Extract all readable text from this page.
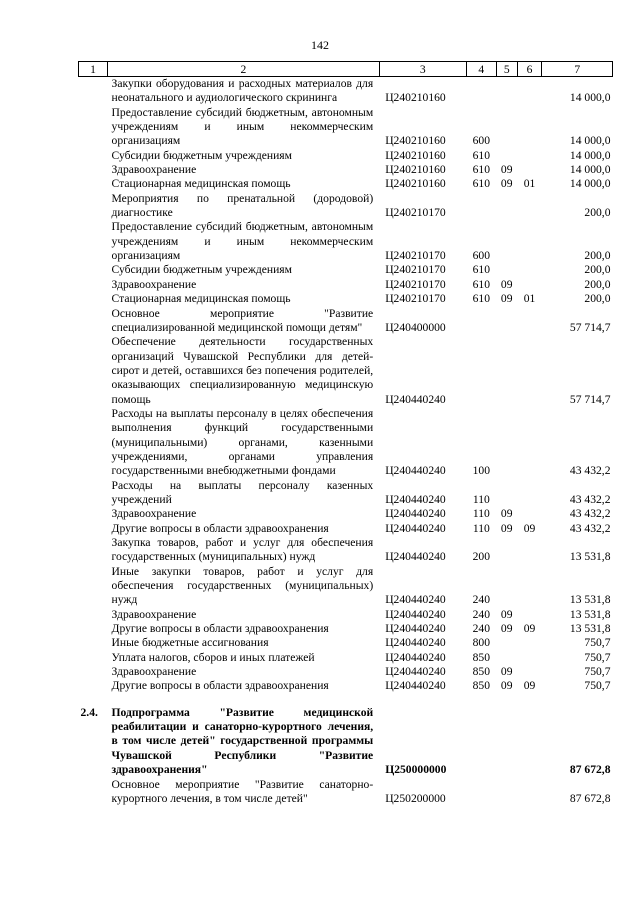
142
1	2	3	4	5	6	7
	Закупки оборудования и расходных материалов для неонатального и аудиологического скрининга	Ц240210160				14 000,0
	Предоставление субсидий бюджетным, автономным учреждениям и иным некоммерческим организациям	Ц240210160	600			14 000,0
	Субсидии бюджетным учреждениям	Ц240210160	610			14 000,0
	Здравоохранение	Ц240210160	610	09		14 000,0
	Стационарная медицинская помощь	Ц240210160	610	09	01	14 000,0
	Мероприятия по пренатальной (дородовой) диагностике	Ц240210170				200,0
	Предоставление субсидий бюджетным, автономным учреждениям и иным некоммерческим организациям	Ц240210170	600			200,0
	Субсидии бюджетным учреждениям	Ц240210170	610			200,0
	Здравоохранение	Ц240210170	610	09		200,0
	Стационарная медицинская помощь	Ц240210170	610	09	01	200,0
	Основное мероприятие "Развитие специализированной медицинской помощи детям"	Ц240400000				57 714,7
	Обеспечение деятельности государственных организаций Чувашской Республики для детей-сирот и детей, оставшихся без попечения родителей, оказывающих специализированную медицинскую помощь	Ц240440240				57 714,7
	Расходы на выплаты персоналу в целях обеспечения выполнения функций государственными (муниципальными) органами, казенными учреждениями, органами управления государственными внебюджетными фондами	Ц240440240	100			43 432,2
	Расходы на выплаты персоналу казенных учреждений	Ц240440240	110			43 432,2
	Здравоохранение	Ц240440240	110	09		43 432,2
	Другие вопросы в области здравоохранения	Ц240440240	110	09	09	43 432,2
	Закупка товаров, работ и услуг для обеспечения государственных (муниципальных) нужд	Ц240440240	200			13 531,8
	Иные закупки товаров, работ и услуг для обеспечения государственных (муниципальных) нужд	Ц240440240	240			13 531,8
	Здравоохранение	Ц240440240	240	09		13 531,8
	Другие вопросы в области здравоохранения	Ц240440240	240	09	09	13 531,8
	Иные бюджетные ассигнования	Ц240440240	800			750,7
	Уплата налогов, сборов и иных платежей	Ц240440240	850			750,7
	Здравоохранение	Ц240440240	850	09		750,7
	Другие вопросы в области здравоохранения	Ц240440240	850	09	09	750,7

2.4.	Подпрограмма "Развитие медицинской реабилитации и санаторно-курортного лечения, в том числе детей" государственной программы Чувашской Республики "Развитие здравоохранения"	Ц250000000				87 672,8
	Основное мероприятие "Развитие санаторно-курортного лечения, в том числе детей"	Ц250200000				87 672,8
